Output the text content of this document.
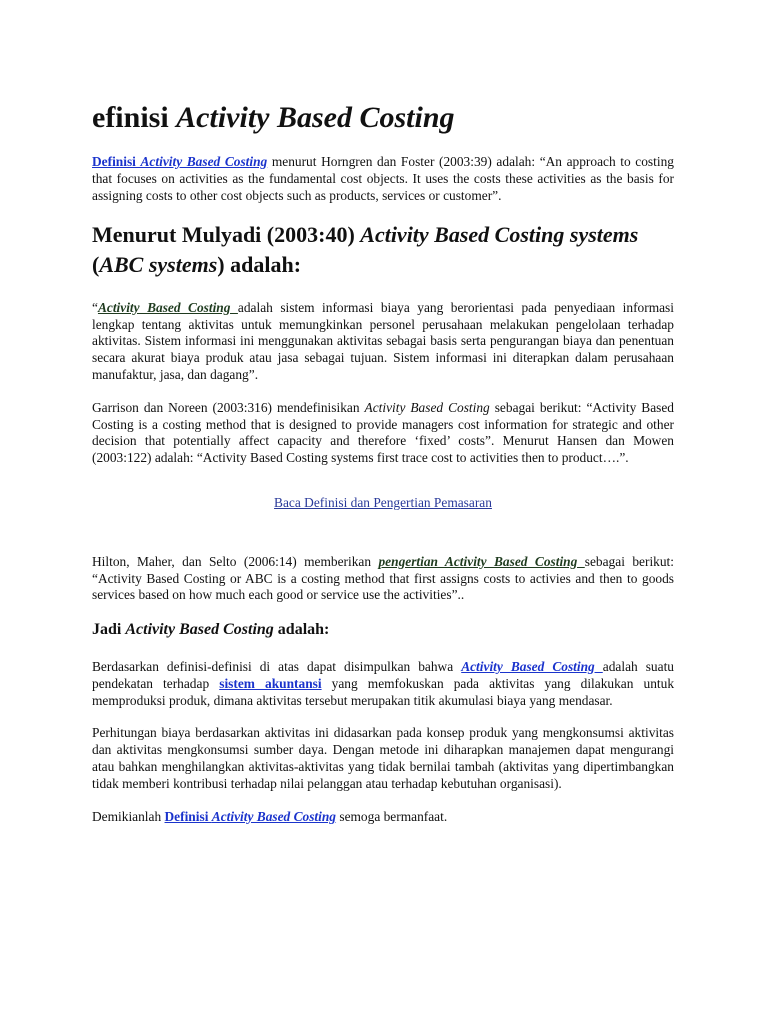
efinisi Activity Based Costing

Definisi Activity Based Costing menurut Horngren dan Foster (2003:39) adalah: “An approach to costing that focuses on activities as the fundamental cost objects. It uses the costs these activities as the basis for assigning costs to other cost objects such as products, services or customer”.

Menurut Mulyadi (2003:40) Activity Based Costing systems (ABC systems) adalah:

“Activity Based Costing adalah sistem informasi biaya yang berorientasi pada penyediaan informasi lengkap tentang aktivitas untuk memungkinkan personel perusahaan melakukan pengelolaan terhadap aktivitas. Sistem informasi ini menggunakan aktivitas sebagai basis serta pengurangan biaya dan penentuan secara akurat biaya produk atau jasa sebagai tujuan. Sistem informasi ini diterapkan dalam perusahaan manufaktur, jasa, dan dagang”.

Garrison dan Noreen (2003:316) mendefinisikan Activity Based Costing sebagai berikut: “Activity Based Costing is a costing method that is designed to provide managers cost information for strategic and other decision that potentially affect capacity and therefore ‘fixed’ costs”. Menurut Hansen dan Mowen (2003:122) adalah: “Activity Based Costing systems first trace cost to activities then to product….”.

Baca Definisi dan Pengertian Pemasaran

Hilton, Maher, dan Selto (2006:14) memberikan pengertian Activity Based Costing sebagai berikut: “Activity Based Costing or ABC is a costing method that first assigns costs to activies and then to goods services based on how much each good or service use the activities”..

Jadi Activity Based Costing adalah:

Berdasarkan definisi-definisi di atas dapat disimpulkan bahwa Activity Based Costing adalah suatu pendekatan terhadap sistem akuntansi yang memfokuskan pada aktivitas yang dilakukan untuk memproduksi produk, dimana aktivitas tersebut merupakan titik akumulasi biaya yang mendasar.

Perhitungan biaya berdasarkan aktivitas ini didasarkan pada konsep produk yang mengkonsumsi aktivitas dan aktivitas mengkonsumsi sumber daya. Dengan metode ini diharapkan manajemen dapat mengurangi atau bahkan menghilangkan aktivitas-aktivitas yang tidak bernilai tambah (aktivitas yang dipertimbangkan tidak memberi kontribusi terhadap nilai pelanggan atau terhadap kebutuhan organisasi).

Demikianlah Definisi Activity Based Costing semoga bermanfaat.
